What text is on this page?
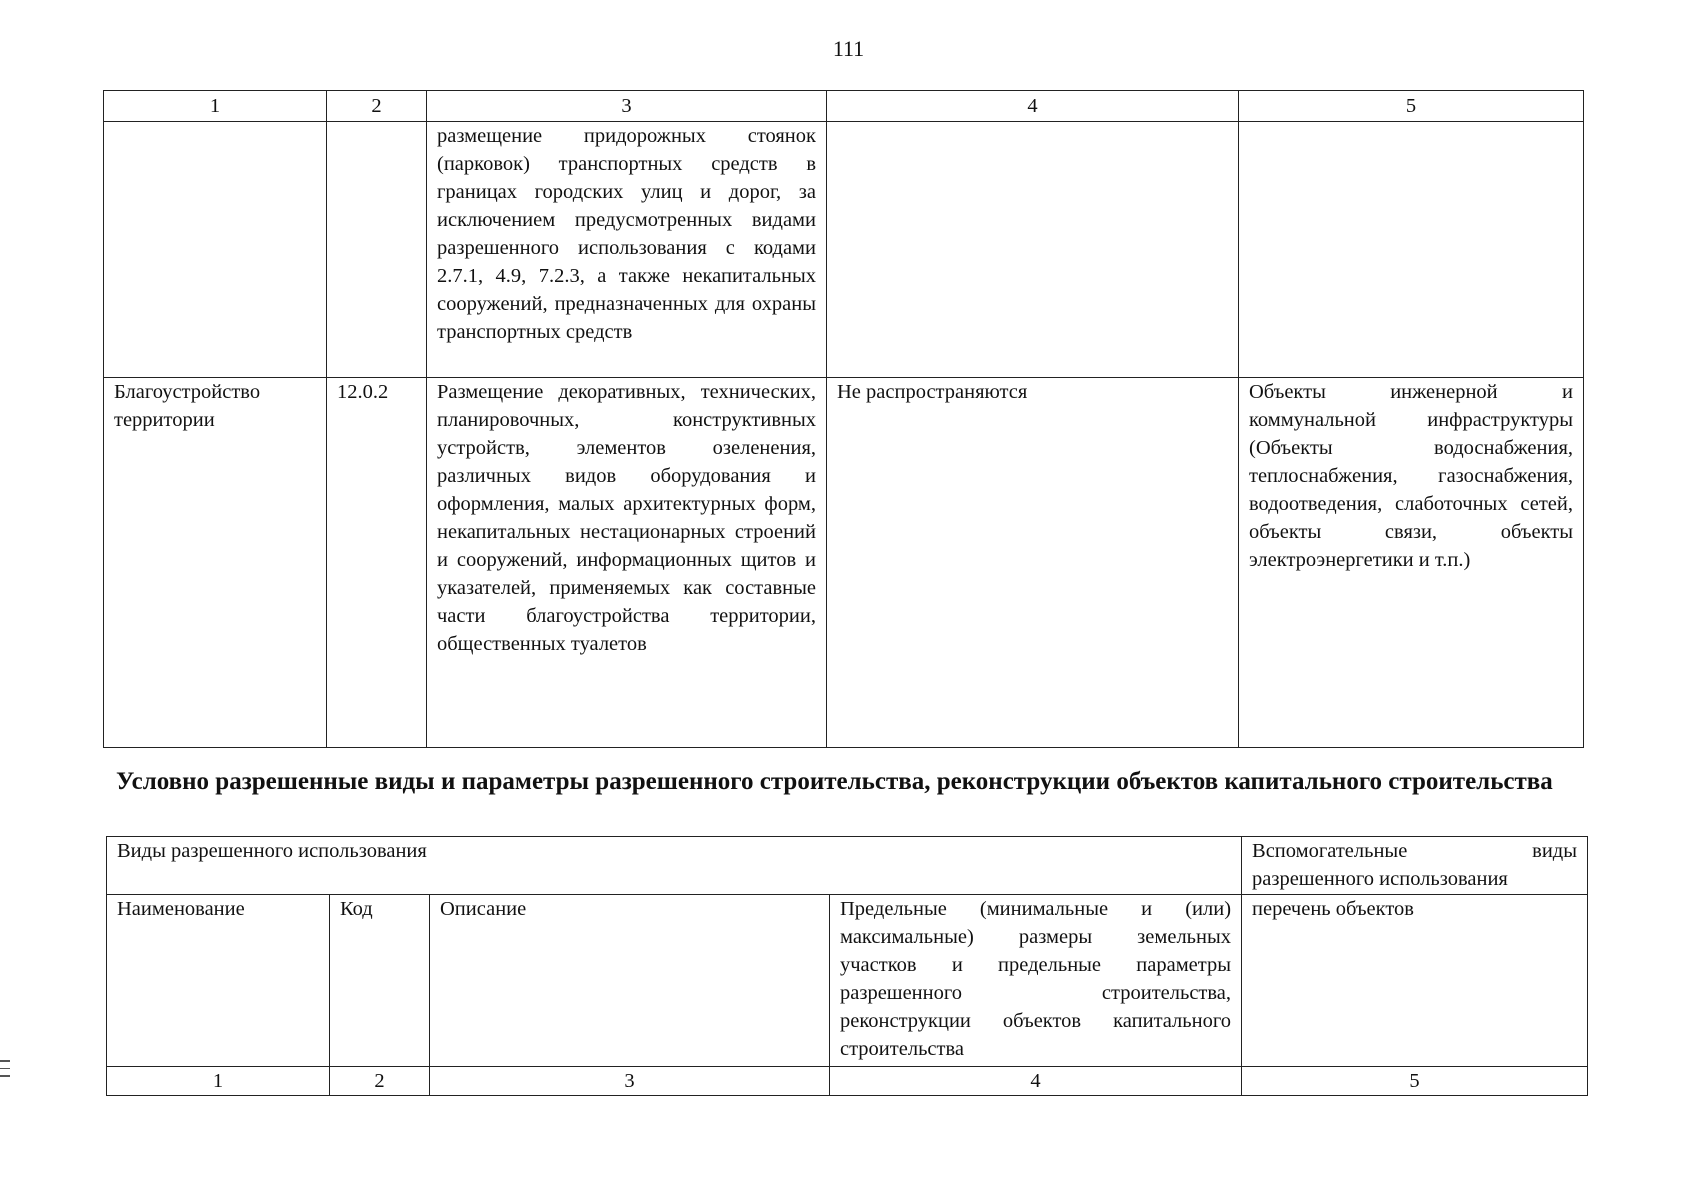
111
1	2	3	4	5
		размещение придорожных стоянок (парковок) транспортных средств в границах городских улиц и дорог, за исключением предусмотренных видами разрешенного использования с кодами 2.7.1, 4.9, 7.2.3, а также некапитальных сооружений, предназначенных для охраны транспортных средств		
Благоустройство территории	12.0.2	Размещение декоративных, технических, планировочных, конструктивных устройств, элементов озеленения, различных видов оборудования и оформления, малых архитектурных форм, некапитальных нестационарных строений и сооружений, информационных щитов и указателей, применяемых как составные части благоустройства территории, общественных туалетов	Не распространяются	Объекты инженерной и коммунальной инфраструктуры (Объекты водоснабжения, теплоснабжения, газоснабжения, водоотведения, слаботочных сетей, объекты связи, объекты электроэнергетики и т.п.)
Условно разрешенные виды и параметры разрешенного строительства, реконструкции объектов капитального строительства
Виды разрешенного использования				Вспомогательные виды разрешенного использования
Наименование	Код	Описание	Предельные (минимальные и (или) максимальные) размеры земельных участков и предельные параметры разрешенного строительства, реконструкции объектов капитального строительства	перечень объектов
1	2	3	4	5
